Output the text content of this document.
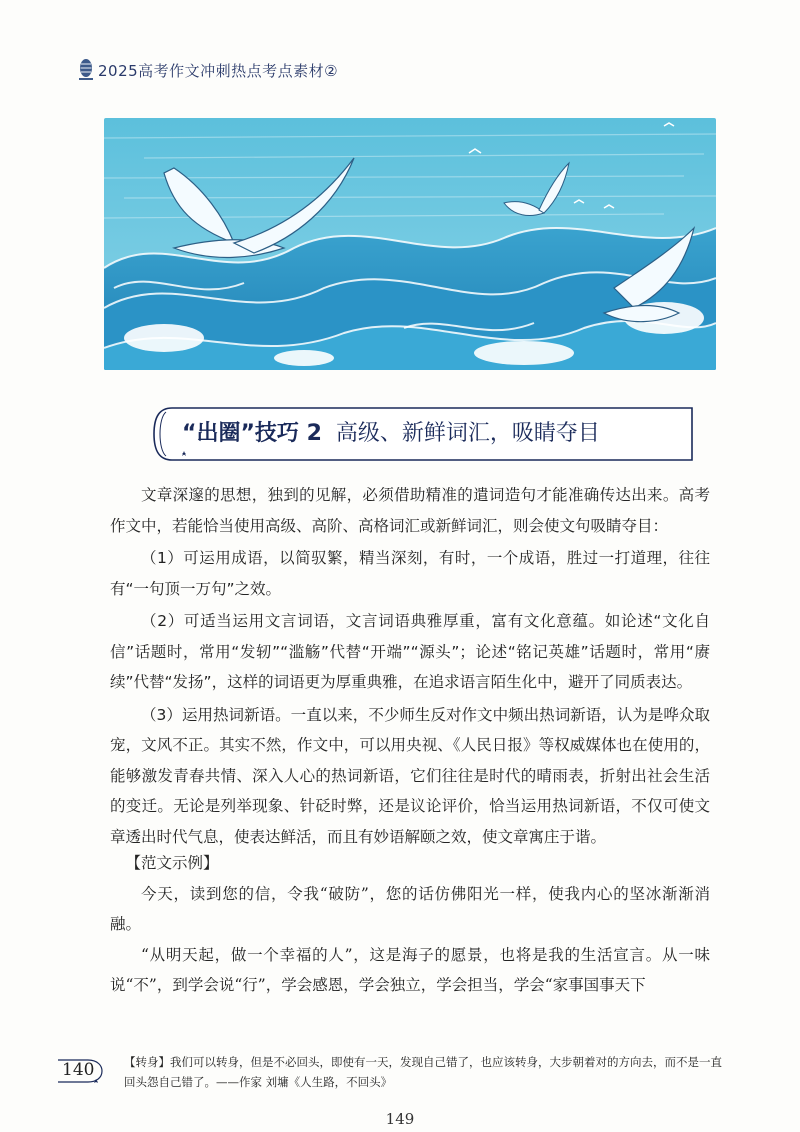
2025高考作文冲刺热点考点素材②
“出圈”技巧 2 高级、新鲜词汇，吸睛夺目

文章深邃的思想，独到的见解，必须借助精准的遣词造句才能准确传达出来。高考作文中，若能恰当使用高级、高阶、高格词汇或新鲜词汇，则会使文句吸睛夺目：

（1）可运用成语，以简驭繁，精当深刻，有时，一个成语，胜过一打道理，往往有“一句顶一万句”之效。

（2）可适当运用文言词语，文言词语典雅厚重，富有文化意蕴。如论述“文化自信”话题时，常用“发轫”“滥觞”代替“开端”“源头”；论述“铭记英雄”话题时，常用“赓续”代替“发扬”，这样的词语更为厚重典雅，在追求语言陌生化中，避开了同质表达。

（3）运用热词新语。一直以来，不少师生反对作文中频出热词新语，认为是哗众取宠，文风不正。其实不然，作文中，可以用央视、《人民日报》等权威媒体也在使用的，能够激发青春共情、深入人心的热词新语，它们往往是时代的晴雨表，折射出社会生活的变迁。无论是列举现象、针砭时弊，还是议论评价，恰当运用热词新语，不仅可使文章透出时代气息，使表达鲜活，而且有妙语解颐之效，使文章寓庄于谐。

【范文示例】

今天，读到您的信，令我“破防”，您的话仿佛阳光一样，使我内心的坚冰渐渐消融。

“从明天起，做一个幸福的人”，这是海子的愿景，也将是我的生活宣言。从一味说“不”，到学会说“行”，学会感恩，学会独立，学会担当，学会“家事国事天下

140	【转身】我们可以转身，但是不必回头，即使有一天，发现自己错了，也应该转身，大步朝着对的方向去，而不是一直回头怨自己错了。——作家 刘墉《人生路，不回头》
149
